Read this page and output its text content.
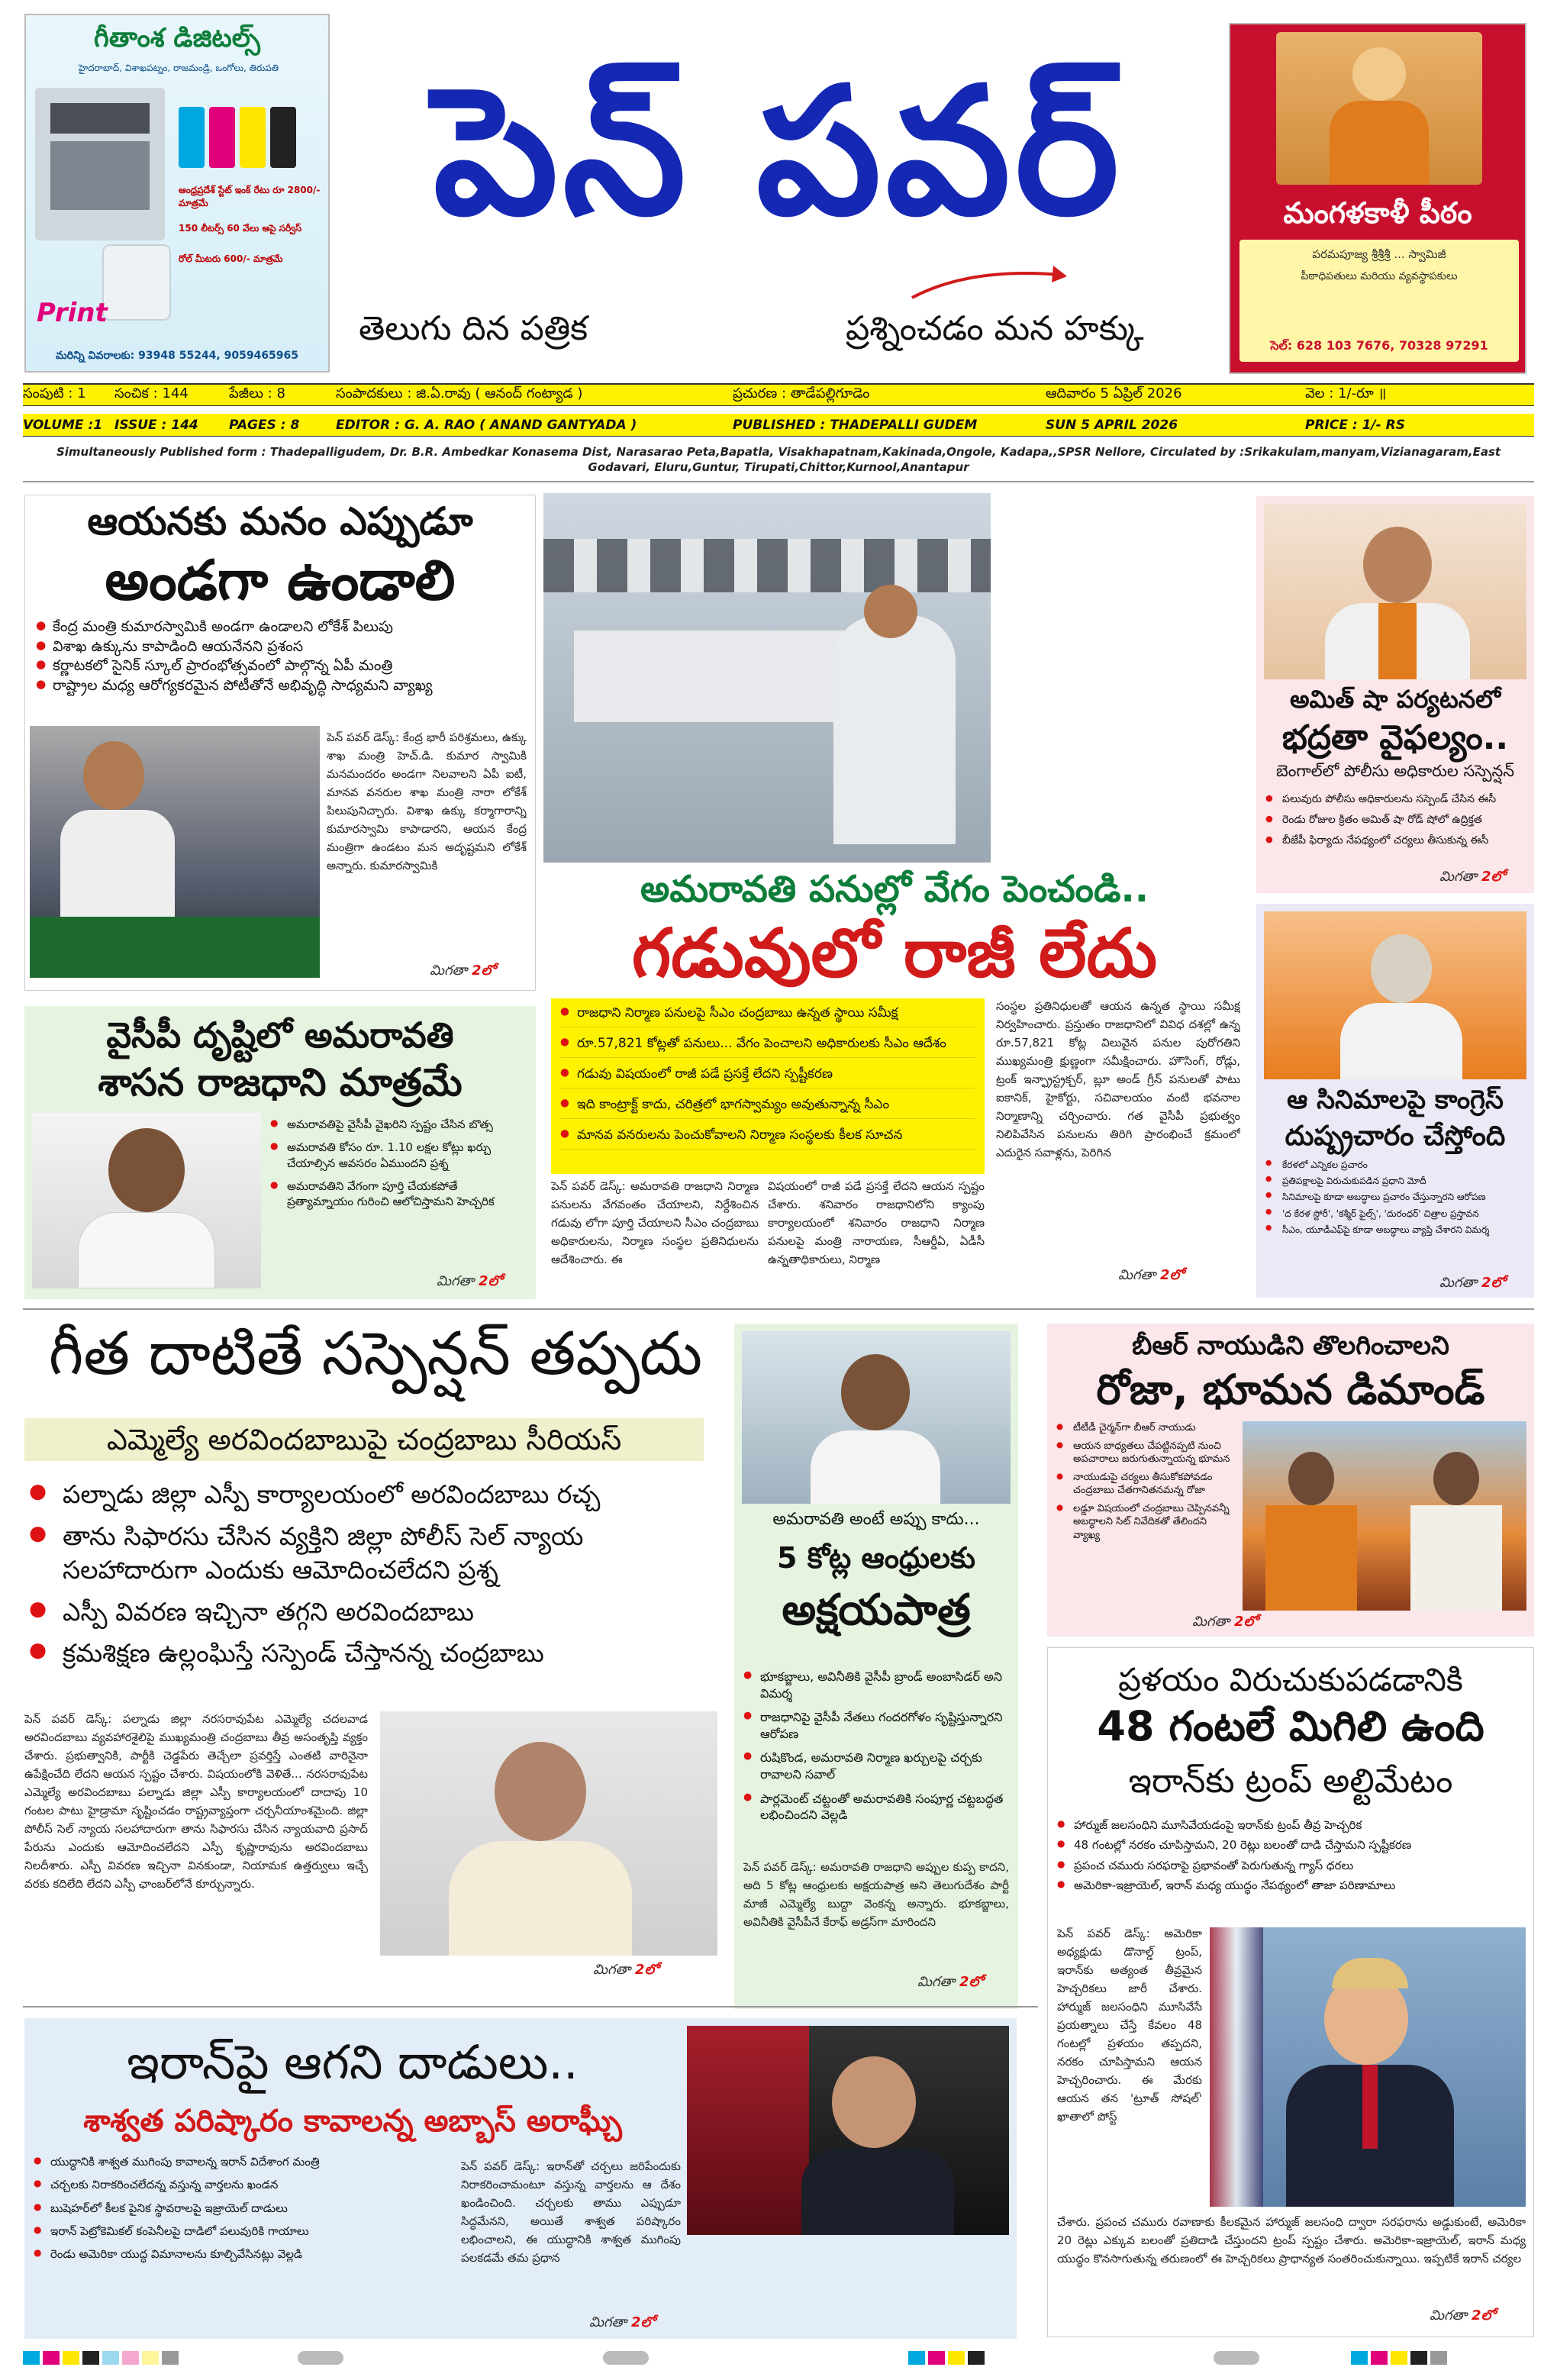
గీతాంశ డిజిటల్స్
హైదరాబాద్, విశాఖపట్నం, రాజమండ్రి, ఒంగోలు, తిరుపతి
ఆంధ్రప్రదేశ్ స్టేట్ ఇంక్ రేటు రూ 2800/- మాత్రమే
150 లీటర్స్ 60 వేలు ఆపై సర్వీస్
రోల్ మీటరు 600/- మాత్రమే
Print
మరిన్ని వివరాలకు: 93948 55244, 9059465965
పెన్ పవర్
తెలుగు దిన పత్రిక	ప్రశ్నించడం మన హక్కు
మంగళకాళీ పీఠం
పరమపూజ్య శ్రీశ్రీశ్రీ ... స్వామిజీ
పీఠాధిపతులు మరియు వ్యవస్థాపకులు
సెల్: 628 103 7676, 70328 97291
సంపుటి : 1	సంచిక : 144	పేజీలు : 8	సంపాదకులు : జి.ఏ.రావు ( ఆనంద్ గంట్యాడ )	ప్రచురణ : తాడేపల్లిగూడెం	ఆదివారం 5 ఏప్రిల్ 2026	వెల : 1/-రూ ॥
VOLUME :1 ISSUE : 144	PAGES : 8	EDITOR : G. A. RAO ( ANAND GANTYADA )	PUBLISHED : THADEPALLI GUDEM	SUN 5 APRIL 2026	PRICE : 1/- RS
Simultaneously Published form : Thadepalligudem, Dr. B.R. Ambedkar Konasema Dist, Narasarao Peta,Bapatla, Visakhapatnam,Kakinada,Ongole, Kadapa,,SPSR Nellore, Circulated by :Srikakulam,manyam,Vizianagaram,East Godavari, Eluru,Guntur, Tirupati,Chittor,Kurnool,Anantapur
ఆయనకు మనం ఎప్పుడూ
అండగా ఉండాలి
● కేంద్ర మంత్రి కుమారస్వామికి అండగా ఉండాలని లోకేశ్ పిలుపు
● విశాఖ ఉక్కును కాపాడింది ఆయనేనని ప్రశంస
● కర్ణాటకలో సైనిక్ స్కూల్ ప్రారంభోత్సవంలో పాల్గొన్న ఏపీ మంత్రి
● రాష్ట్రాల మధ్య ఆరోగ్యకరమైన పోటీతోనే అభివృద్ధి సాధ్యమని వ్యాఖ్య
పెన్ పవర్ డెస్క్: కేంద్ర భారీ పరిశ్రమలు, ఉక్కు శాఖ మంత్రి హెచ్.డి. కుమార స్వామికి మనమందరం అండగా నిలవాలని ఏపీ ఐటీ, మానవ వనరుల శాఖ మంత్రి నారా లోకేశ్ పిలుపునిచ్చారు. విశాఖ ఉక్కు కర్మాగారాన్ని కుమారస్వామి కాపాడారని, ఆయన కేంద్ర మంత్రిగా ఉండటం మన అదృష్టమని లోకేశ్ అన్నారు. కుమారస్వామికి
మిగతా 2లో
అమరావతి పనుల్లో వేగం పెంచండి..
గడువులో రాజీ లేదు
● రాజధాని నిర్మాణ పనులపై సీఎం చంద్రబాబు ఉన్నత స్థాయి సమీక్ష
● రూ.57,821 కోట్లతో పనులు... వేగం పెంచాలని అధికారులకు సీఎం ఆదేశం
● గడువు విషయంలో రాజీ పడే ప్రసక్తే లేదని స్పష్టీకరణ
● ఇది కాంట్రాక్ట్ కాదు, చరిత్రలో భాగస్వామ్యం అవుతున్నాన్న సీఎం
● మానవ వనరులను పెంచుకోవాలని నిర్మాణ సంస్థలకు కీలక సూచన
పెన్ పవర్ డెస్క్: అమరావతి రాజధాని నిర్మాణ పనులను వేగవంతం చేయాలని, నిర్దేశించిన గడువు లోగా పూర్తి చేయాలని సీఎం చంద్రబాబు అధికారులను, నిర్మాణ సంస్థల ప్రతినిధులను ఆదేశించారు. ఈ
విషయంలో రాజీ పడే ప్రసక్తే లేదని ఆయన స్పష్టం చేశారు. శనివారం రాజధానిలోని క్యాంపు కార్యాలయంలో శనివారం రాజధాని నిర్మాణ పనులపై మంత్రి నారాయణ, సీఆర్డీఏ, ఏడీసీ ఉన్నతాధికారులు, నిర్మాణ
సంస్థల ప్రతినిధులతో ఆయన ఉన్నత స్థాయి సమీక్ష నిర్వహించారు. ప్రస్తుతం రాజధానిలో వివిధ దశల్లో ఉన్న రూ.57,821 కోట్ల విలువైన పనుల పురోగతిని ముఖ్యమంత్రి క్షుణ్ణంగా సమీక్షించారు. హౌసింగ్, రోడ్లు, ట్రంక్ ఇన్ఫ్రాస్ట్రక్చర్, బ్లూ అండ్ గ్రీన్ పనులతో పాటు ఐకానిక్, హైకోర్టు, సచివాలయం వంటి భవనాల నిర్మాణాన్ని చర్చించారు. గత వైసీపీ ప్రభుత్వం నిలిపివేసిన పనులను తిరిగి ప్రారంభించే క్రమంలో ఎదురైన సవాళ్లను, పెరిగిన
మిగతా 2లో
అమిత్ షా పర్యటనలో
భద్రతా వైఫల్యం..
బెంగాల్‌లో పోలీసు అధికారుల సస్పెన్షన్
● పలువురు పోలీసు అధికారులను సస్పెండ్ చేసిన ఈసీ
● రెండు రోజుల క్రితం అమిత్ షా రోడ్ షోలో ఉద్రిక్తత
● బీజేపీ ఫిర్యాదు నేపథ్యంలో చర్యలు తీసుకున్న ఈసీ
మిగతా 2లో
వైసీపీ దృష్టిలో అమరావతి
శాసన రాజధాని మాత్రమే
● అమరావతిపై వైసీపీ వైఖరిని స్పష్టం చేసిన బొత్స
● అమరావతి కోసం రూ. 1.10 లక్షల కోట్లు ఖర్చు చేయాల్సిన అవసరం ఏముందని ప్రశ్న
● అమరావతిని వేగంగా పూర్తి చేయకపోతే ప్రత్యామ్నాయం గురించి ఆలోచిస్తామని హెచ్చరిక
మిగతా 2లో
ఆ సినిమాలపై కాంగ్రెస్
దుష్ప్రచారం చేస్తోంది
● కేరళలో ఎన్నికల ప్రచారం
● ప్రతిపక్షాలపై విరుచుకుపడిన ప్రధాని మోదీ
● సినిమాలపై కూడా అబద్ధాలు ప్రచారం చేస్తున్నారని ఆరోపణ
● 'ద కేరళ స్టోరీ', 'కశ్మీర్ ఫైల్స్', 'దురంధర్' చిత్రాల ప్రస్తావన
● సీఎం, యూడీఎఫ్‌పై కూడా అబద్ధాలు వ్యాప్తి చేశారని విమర్శ
మిగతా 2లో
గీత దాటితే సస్పెన్షన్ తప్పదు
ఎమ్మెల్యే అరవిందబాబుపై చంద్రబాబు సీరియస్
● పల్నాడు జిల్లా ఎస్పీ కార్యాలయంలో అరవిందబాబు రచ్చ
● తాను సిఫారసు చేసిన వ్యక్తిని జిల్లా పోలీస్ సెల్ న్యాయ సలహాదారుగా ఎందుకు ఆమోదించలేదని ప్రశ్న
● ఎస్పీ వివరణ ఇచ్చినా తగ్గని అరవిందబాబు
● క్రమశిక్షణ ఉల్లంఘిస్తే సస్పెండ్ చేస్తానన్న చంద్రబాబు
పెన్ పవర్ డెస్క్: పల్నాడు జిల్లా నరసరావుపేట ఎమ్మెల్యే చదలవాడ అరవిందబాబు వ్యవహారశైలిపై ముఖ్యమంత్రి చంద్రబాబు తీవ్ర అసంతృప్తి వ్యక్తం చేశారు. ప్రభుత్వానికి, పార్టీకి చెడ్డపేరు తెచ్చేలా ప్రవర్తిస్తే ఎంతటి వారినైనా ఉపేక్షించేది లేదని ఆయన స్పష్టం చేశారు. విషయంలోకి వెళితే... నరసరావుపేట ఎమ్మెల్యే అరవిందబాబు పల్నాడు జిల్లా ఎస్పీ కార్యాలయంలో దాదాపు 10 గంటల పాటు హైడ్రామా సృష్టించడం రాష్ట్రవ్యాప్తంగా చర్చనీయాంశమైంది. జిల్లా పోలీస్ సెల్ న్యాయ సలహాదారుగా తాను సిఫారసు చేసిన న్యాయవాది ప్రసాద్ పేరును ఎందుకు ఆమోదించలేదని ఎస్పీ కృష్ణారావును అరవిందబాబు నిలదీశారు. ఎస్పీ వివరణ ఇచ్చినా వినకుండా, నియామక ఉత్తర్వులు ఇచ్చే వరకు కదిలేది లేదని ఎస్పీ ఛాంబర్‌లోనే కూర్చున్నారు.
మిగతా 2లో
అమరావతి అంటే అప్పు కాదు...
5 కోట్ల ఆంధ్రులకు
అక్షయపాత్ర
● భూకబ్జాలు, అవినీతికి వైసీపీ బ్రాండ్ అంబాసిడర్ అని విమర్శ
● రాజధానిపై వైసీపీ నేతలు గందరగోళం సృష్టిస్తున్నారని ఆరోపణ
● రుషికొండ, అమరావతి నిర్మాణ ఖర్చులపై చర్చకు రావాలని సవాల్
● పార్లమెంట్ చట్టంతో అమరావతికి సంపూర్ణ చట్టబద్ధత లభించిందని వెల్లడి
పెన్ పవర్ డెస్క్: అమరావతి రాజధాని అప్పుల కుప్ప కాదని, అది 5 కోట్ల ఆంధ్రులకు అక్షయపాత్ర అని తెలుగుదేశం పార్టీ మాజీ ఎమ్మెల్యే బుద్దా వెంకన్న అన్నారు. భూకబ్జాలు, అవినీతికి వైసీపీనే కేరాఫ్ అడ్రస్‌గా మారిందని
మిగతా 2లో
బీఆర్ నాయుడిని తొలగించాలని
రోజా, భూమన డిమాండ్
● టీటీడీ చైర్మన్‌గా బీఆర్ నాయుడు
● ఆయన బాధ్యతలు చేపట్టినప్పటి నుంచి అపచారాలు జరుగుతున్నాయన్న భూమన
● నాయుడుపై చర్యలు తీసుకోకపోవడం చంద్రబాబు చేతగానితనమన్న రోజా
● లడ్డూ విషయంలో చంద్రబాబు చెప్పినవన్నీ అబద్ధాలని సిట్ నివేదికతో తేలిందని వ్యాఖ్య
మిగతా 2లో
ప్రళయం విరుచుకుపడడానికి
48 గంటలే మిగిలి ఉంది
ఇరాన్‌కు ట్రంప్ అల్టిమేటం
● హార్ముజ్ జలసంధిని మూసివేయడంపై ఇరాన్‌కు ట్రంప్ తీవ్ర హెచ్చరిక
● 48 గంటల్లో నరకం చూపిస్తామని, 20 రెట్లు బలంతో దాడి చేస్తామని స్పష్టీకరణ
● ప్రపంచ చమురు సరఫరాపై ప్రభావంతో పెరుగుతున్న గ్యాస్ ధరలు
● అమెరికా-ఇజ్రాయెల్, ఇరాన్ మధ్య యుద్ధం నేపథ్యంలో తాజా పరిణామాలు
పెన్ పవర్ డెస్క్: అమెరికా అధ్యక్షుడు డొనాల్డ్ ట్రంప్, ఇరాన్‌కు అత్యంత తీవ్రమైన హెచ్చరికలు జారీ చేశారు. హార్ముజ్ జలసంధిని మూసివేసే ప్రయత్నాలు చేస్తే కేవలం 48 గంటల్లో ప్రళయం తప్పదని, నరకం చూపిస్తామని ఆయన హెచ్చరించారు. ఈ మేరకు ఆయన తన 'ట్రూత్ సోషల్' ఖాతాలో పోస్ట్
చేశారు. ప్రపంచ చమురు రవాణాకు కీలకమైన హార్ముజ్ జలసంధి ద్వారా సరఫరాను అడ్డుకుంటే, అమెరికా 20 రెట్లు ఎక్కువ బలంతో ప్రతిదాడి చేస్తుందని ట్రంప్ స్పష్టం చేశారు. అమెరికా-ఇజ్రాయెల్, ఇరాన్ మధ్య యుద్ధం కొనసాగుతున్న తరుణంలో ఈ హెచ్చరికలు ప్రాధాన్యత సంతరించుకున్నాయి. ఇప్పటికే ఇరాన్ చర్యల
మిగతా 2లో
ఇరాన్‌పై ఆగని దాడులు..
శాశ్వత పరిష్కారం కావాలన్న అబ్బాస్ అరాఘ్చీ
● యుద్ధానికి శాశ్వత ముగింపు కావాలన్న ఇరాన్ విదేశాంగ మంత్రి
● చర్చలకు నిరాకరించలేదన్న వస్తున్న వార్తలను ఖండన
● బుషెహర్‌లో కీలక పైనిక స్థావరాలపై ఇజ్రాయెల్ దాడులు
● ఇరాన్ పెట్రోకెమికల్ కంపెనీలపై దాడిలో పలువురికి గాయాలు
● రెండు అమెరికా యుద్ధ విమానాలను కూల్చివేసినట్లు వెల్లడి
పెన్ పవర్ డెస్క్: ఇరాన్‌తో చర్చలు జరిపేందుకు నిరాకరించామంటూ వస్తున్న వార్తలను ఆ దేశం ఖండించింది. చర్చలకు తాము ఎప్పుడూ సిద్ధమేనని, అయితే శాశ్వత పరిష్కారం లభించాలని, ఈ యుద్ధానికి శాశ్వత ముగింపు పలకడమే తమ ప్రధాన
మిగతా 2లో
